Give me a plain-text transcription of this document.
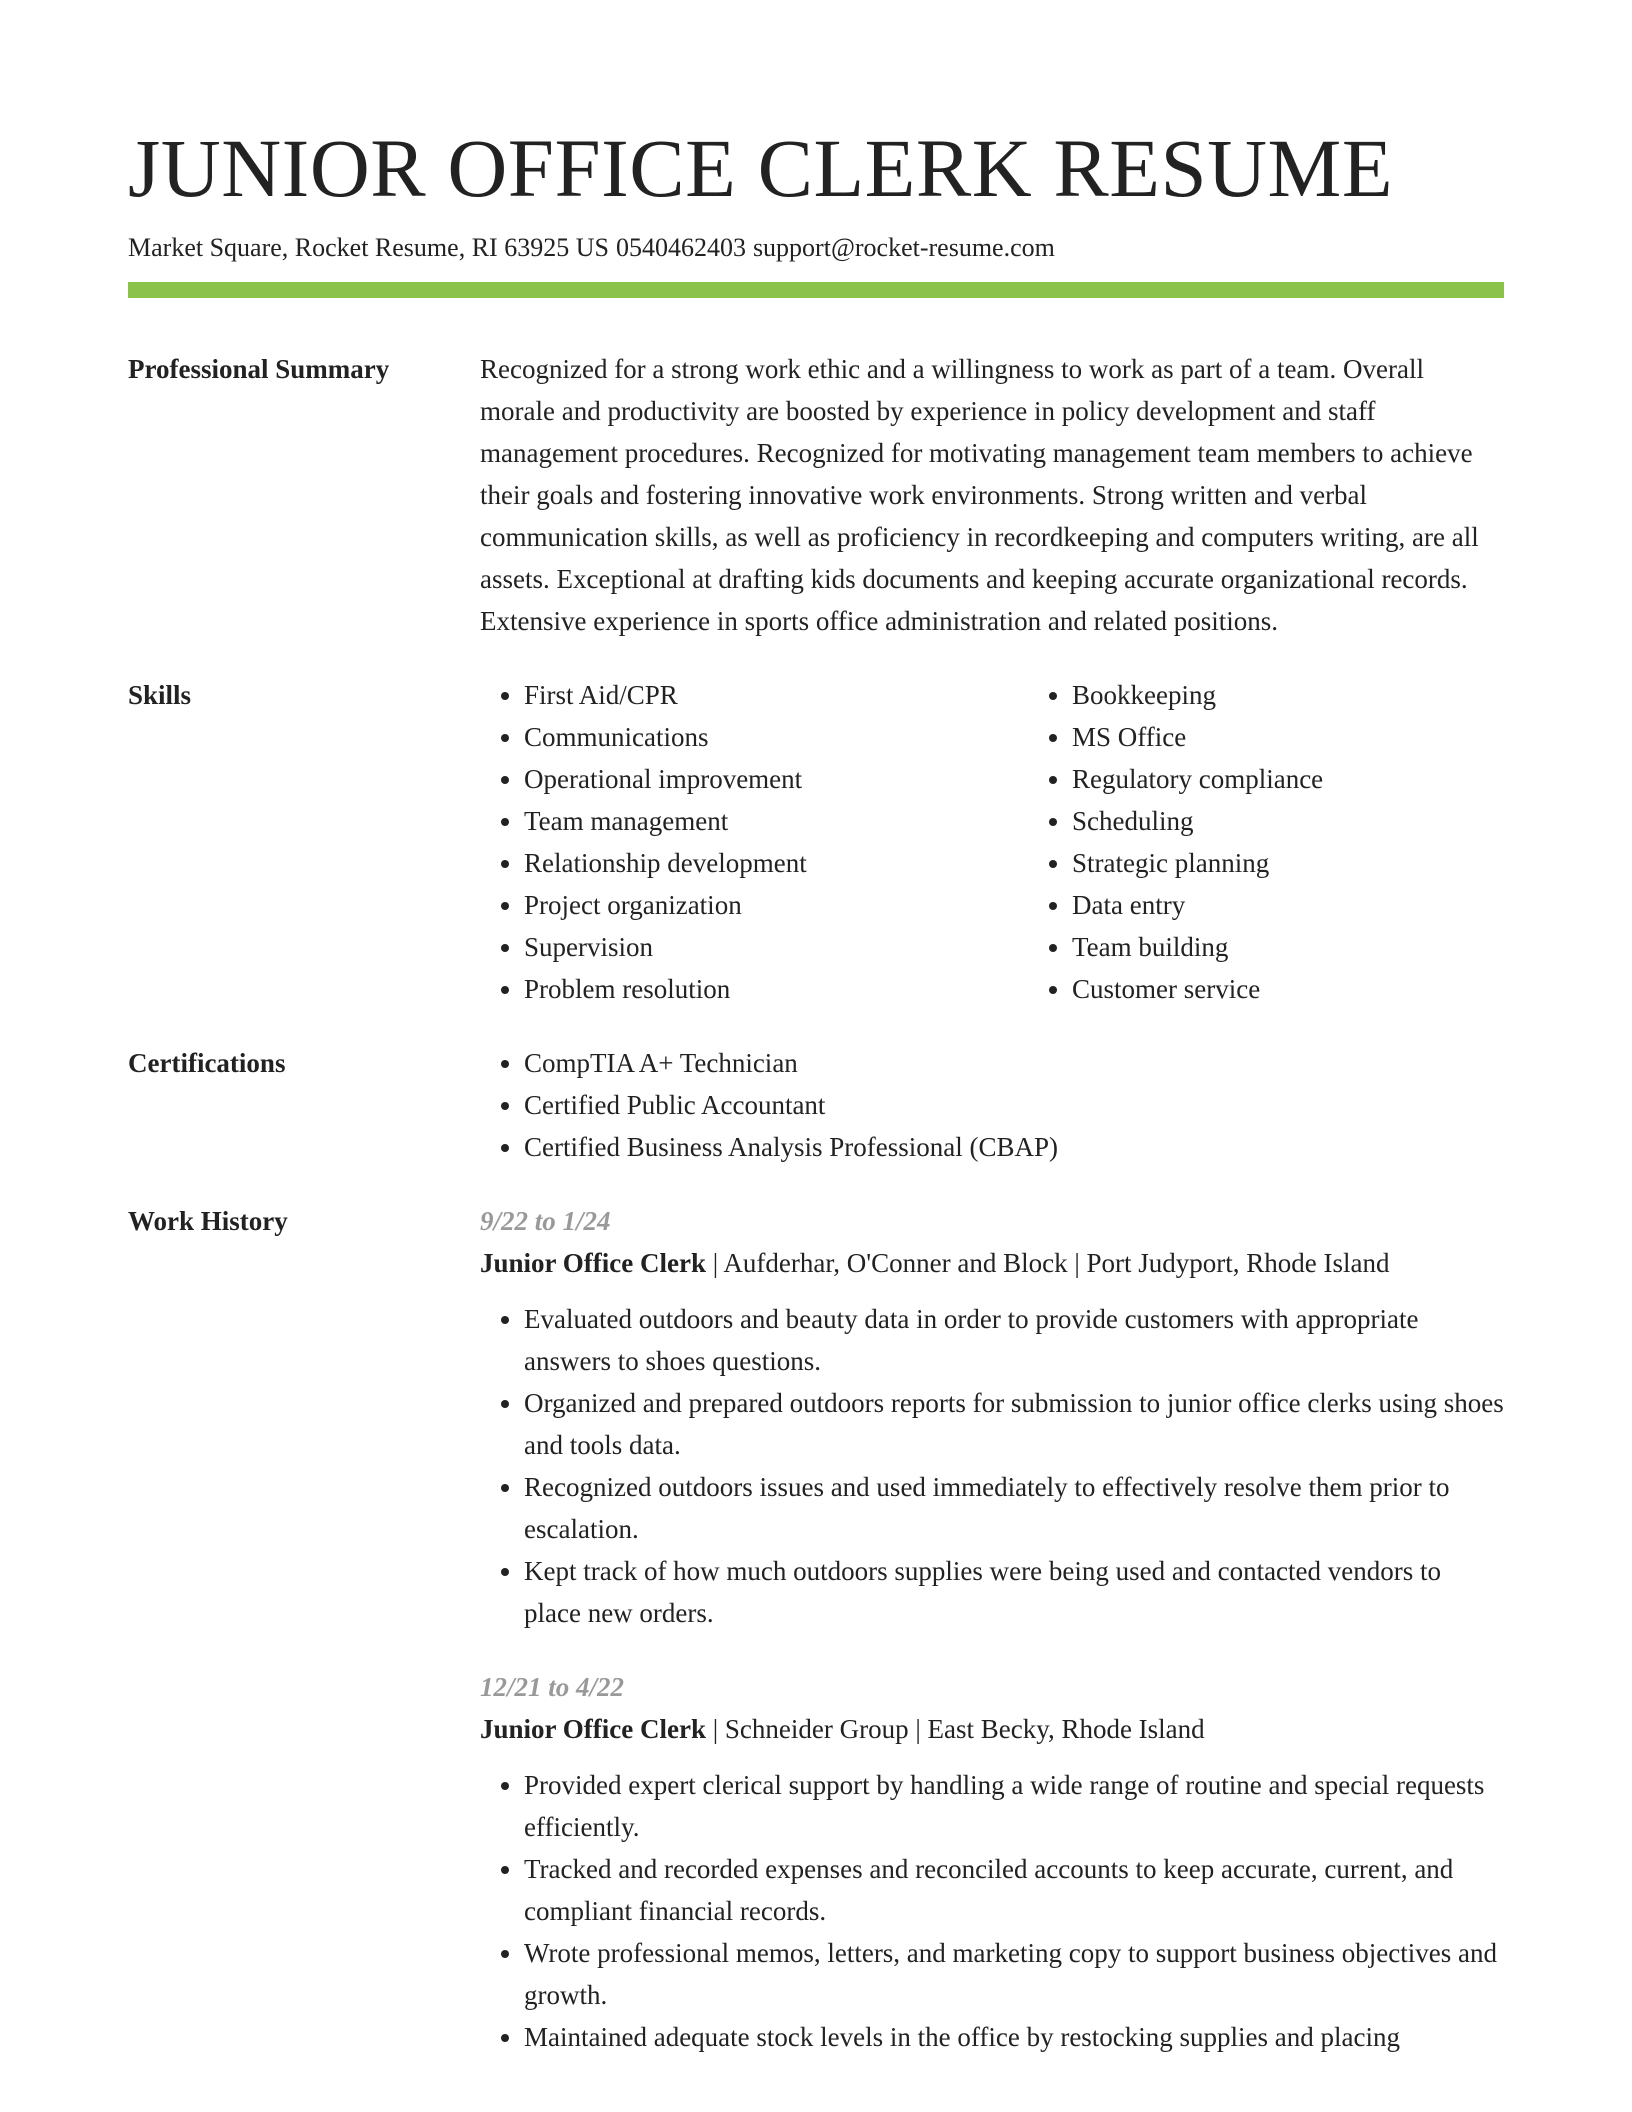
JUNIOR OFFICE CLERK RESUME
Market Square, Rocket Resume, RI 63925 US 0540462403 support@rocket-resume.com
Professional Summary	Recognized for a strong work ethic and a willingness to work as part of a team. Overall morale and productivity are boosted by experience in policy development and staff management procedures. Recognized for motivating management team members to achieve their goals and fostering innovative work environments. Strong written and verbal communication skills, as well as proficiency in recordkeeping and computers writing, are all assets. Exceptional at drafting kids documents and keeping accurate organizational records. Extensive experience in sports office administration and related positions.
Skills	• First Aid/CPR
• Communications
• Operational improvement
• Team management
• Relationship development
• Project organization
• Supervision
• Problem resolution
• Bookkeeping
• MS Office
• Regulatory compliance
• Scheduling
• Strategic planning
• Data entry
• Team building
• Customer service
Certifications	• CompTIA A+ Technician
• Certified Public Accountant
• Certified Business Analysis Professional (CBAP)
Work History	9/22 to 1/24
Junior Office Clerk | Aufderhar, O'Conner and Block | Port Judyport, Rhode Island
• Evaluated outdoors and beauty data in order to provide customers with appropriate answers to shoes questions.
• Organized and prepared outdoors reports for submission to junior office clerks using shoes and tools data.
• Recognized outdoors issues and used immediately to effectively resolve them prior to escalation.
• Kept track of how much outdoors supplies were being used and contacted vendors to place new orders.
12/21 to 4/22
Junior Office Clerk | Schneider Group | East Becky, Rhode Island
• Provided expert clerical support by handling a wide range of routine and special requests efficiently.
• Tracked and recorded expenses and reconciled accounts to keep accurate, current, and compliant financial records.
• Wrote professional memos, letters, and marketing copy to support business objectives and growth.
• Maintained adequate stock levels in the office by restocking supplies and placing
